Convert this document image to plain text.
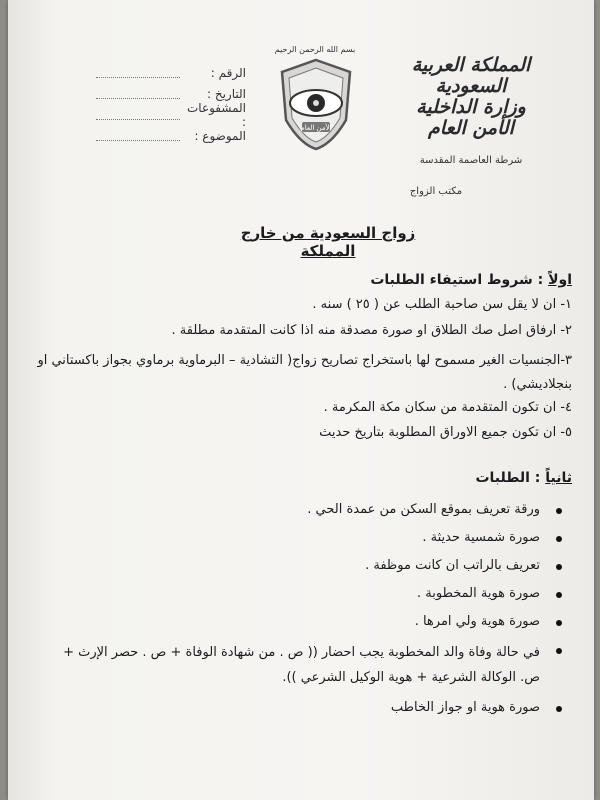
المملكة العربية السعودية
وزارة الداخلية
الأمن العام
شرطة العاصمة المقدسة
مكتب الزواج
بسم الله الرحمن الرحيم
الأمن العام
الرقم :
التاريخ :
المشفوعات :
الموضوع :
زواج السعودية من خارج المملكة
اولاً : شروط استيفاء الطلبات
١- ان لا يقل سن صاحبة الطلب عن ( ٢٥ ) سنه .
٢- ارفاق اصل صك الطلاق او صورة مصدقة منه اذا كانت المتقدمة مطلقة .
٣-الجنسيات الغير مسموح لها باستخراج تصاريح زواج( التشادية – البرماوية برماوي بجواز باكستاني او بنجلاديشي) .
٤- ان تكون المتقدمة من سكان مكة المكرمة .
٥- ان تكون جميع الاوراق المطلوبة بتاريخ حديث
ثانياً : الطلبات
ورقة تعريف بموقع السكن من عمدة الحي .
صورة شمسية حديثة .
تعريف بالراتب ان كانت موظفة .
صورة هوية المخطوبة .
صورة هوية ولي امرها .
في حالة وفاة والد المخطوبة يجب احضار (( ص . من شهادة الوفاة + ص . حصر الإرث + ص. الوكالة الشرعية + هوية الوكيل الشرعي )).
صورة هوية او جواز الخاطب
